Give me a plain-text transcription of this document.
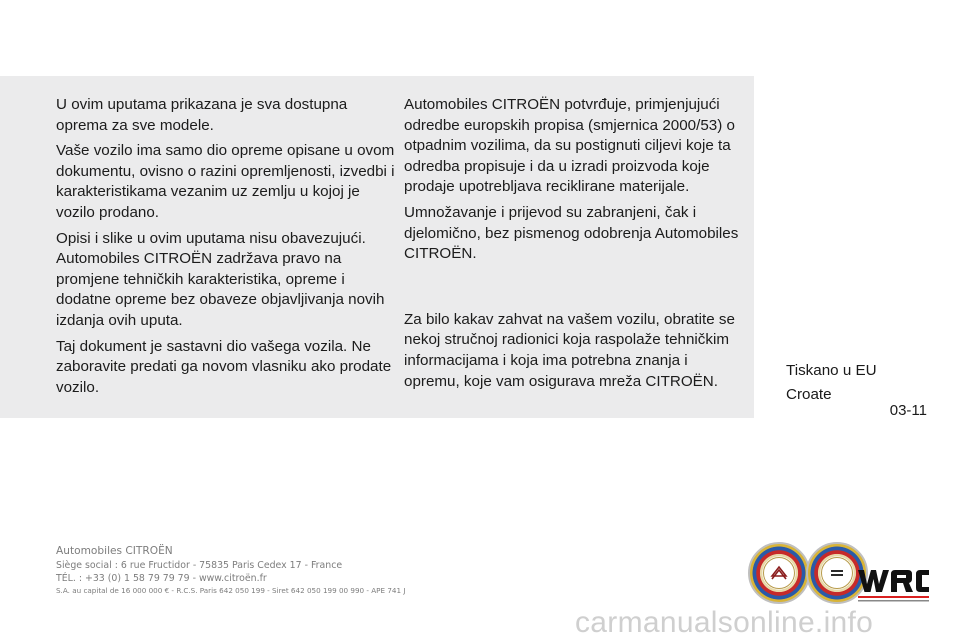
U ovim uputama prikazana je sva dostupna oprema za sve modele.

Vaše vozilo ima samo dio opreme opisane u ovom dokumentu, ovisno o razini opremljenosti, izvedbi i karakteristikama vezanim uz zemlju u kojoj je vozilo prodano.

Opisi i slike u ovim uputama nisu obavezujući. Automobiles CITROËN zadržava pravo na promjene tehničkih karakteristika, opreme i dodatne opreme bez obaveze objavljivanja novih izdanja ovih uputa.

Taj dokument je sastavni dio vašega vozila. Ne zaboravite predati ga novom vlasniku ako prodate vozilo.

Automobiles CITROËN potvrđuje, primjenjujući odredbe europskih propisa (smjernica 2000/53) o otpadnim vozilima, da su postignuti ciljevi koje ta odredba propisuje i da u izradi proizvoda koje prodaje upotrebljava reciklirane materijale.

Umnožavanje i prijevod su zabranjeni, čak i djelomično, bez pismenog odobrenja Automobiles CITROËN.

Za bilo kakav zahvat na vašem vozilu, obratite se nekoj stručnoj radionici koja raspolaže tehničkim informacijama i koja ima potrebna znanja i opremu, koje vam osigurava mreža CITROËN.

Tiskano u EU
Croate
03-11
Automobiles CITROËN
Siège social : 6 rue Fructidor - 75835 Paris Cedex 17 - France
TÉL. : +33 (0) 1 58 79 79 79 - www.citroën.fr
S.A. au capital de 16 000 000 € - R.C.S. Paris 642 050 199 - Siret 642 050 199 00 990 - APE 741 J
carmanualsonline.info
